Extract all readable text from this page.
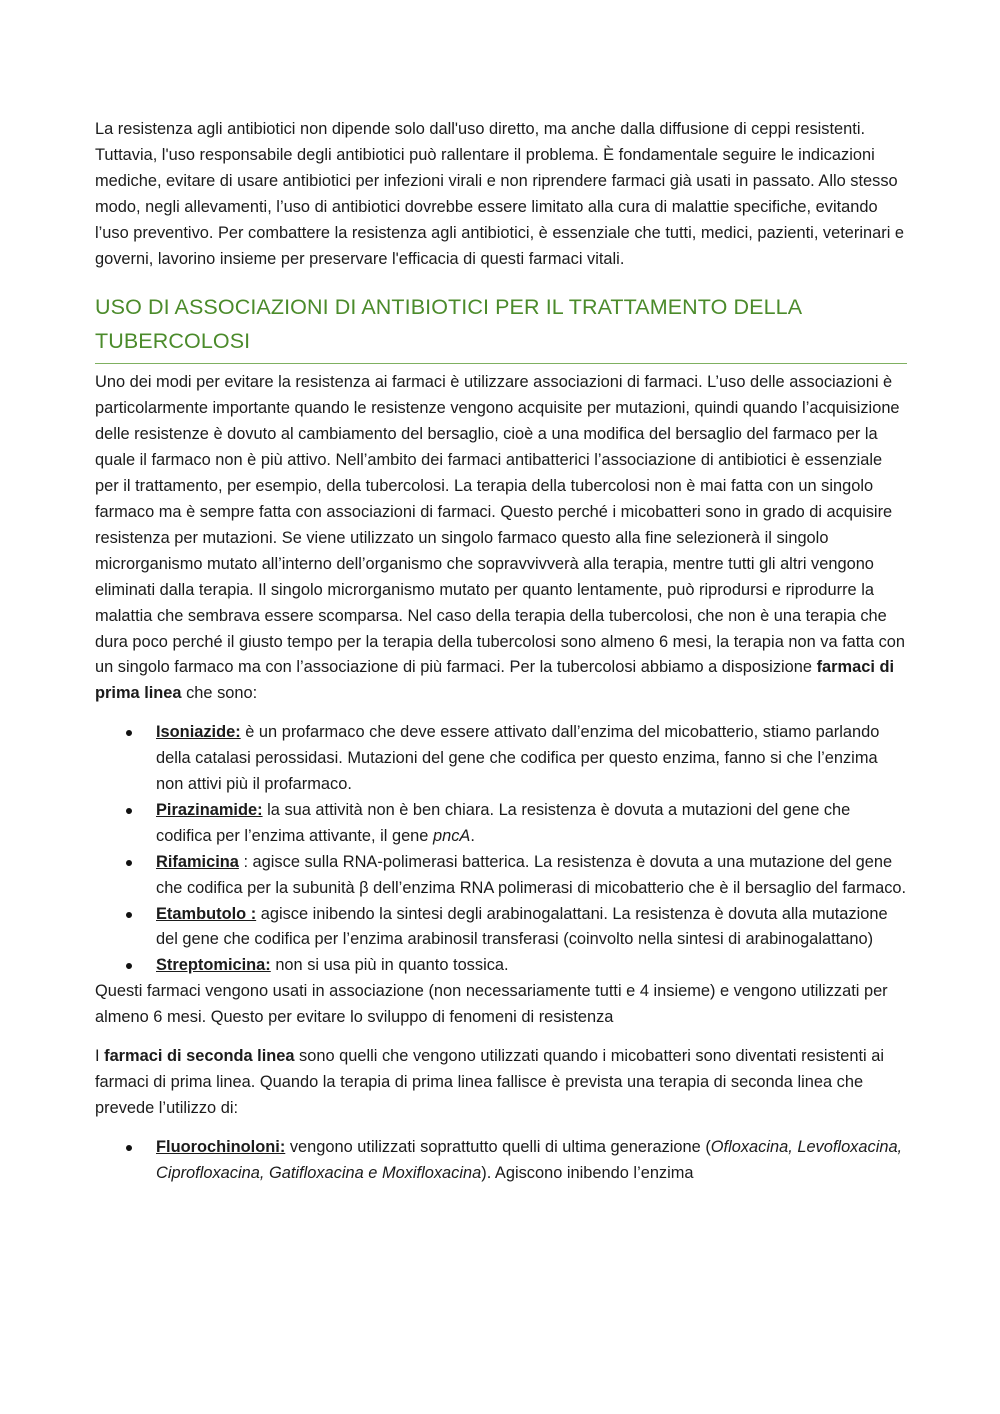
La resistenza agli antibiotici non dipende solo dall'uso diretto, ma anche dalla diffusione di ceppi resistenti. Tuttavia, l'uso responsabile degli antibiotici può rallentare il problema. È fondamentale seguire le indicazioni mediche, evitare di usare antibiotici per infezioni virali e non riprendere farmaci già usati in passato. Allo stesso modo, negli allevamenti, l’uso di antibiotici dovrebbe essere limitato alla cura di malattie specifiche, evitando l’uso preventivo. Per combattere la resistenza agli antibiotici, è essenziale che tutti, medici, pazienti, veterinari e governi, lavorino insieme per preservare l'efficacia di questi farmaci vitali.

USO DI ASSOCIAZIONI DI ANTIBIOTICI PER IL TRATTAMENTO DELLA TUBERCOLOSI

Uno dei modi per evitare la resistenza ai farmaci è utilizzare associazioni di farmaci. L’uso delle associazioni è particolarmente importante quando le resistenze vengono acquisite per mutazioni, quindi quando l’acquisizione delle resistenze è dovuto al cambiamento del bersaglio, cioè a una modifica del bersaglio del farmaco per la quale il farmaco non è più attivo. Nell’ambito dei farmaci antibatterici l’associazione di antibiotici è essenziale per il trattamento, per esempio, della tubercolosi. La terapia della tubercolosi non è mai fatta con un singolo farmaco ma è sempre fatta con associazioni di farmaci. Questo perché i micobatteri sono in grado di acquisire resistenza per mutazioni. Se viene utilizzato un singolo farmaco questo alla fine selezionerà il singolo microrganismo mutato all’interno dell’organismo che sopravvivverà alla terapia, mentre tutti gli altri vengono eliminati dalla terapia. Il singolo microrganismo mutato per quanto lentamente, può riprodursi e riprodurre la malattia che sembrava essere scomparsa. Nel caso della terapia della tubercolosi, che non è una terapia che dura poco perché il giusto tempo per la terapia della tubercolosi sono almeno 6 mesi, la terapia non va fatta con un singolo farmaco ma con l’associazione di più farmaci. Per la tubercolosi abbiamo a disposizione farmaci di prima linea che sono:

Isoniazide: è un profarmaco che deve essere attivato dall’enzima del micobatterio, stiamo parlando della catalasi perossidasi. Mutazioni del gene che codifica per questo enzima, fanno si che l’enzima non attivi più il profarmaco.
Pirazinamide: la sua attività non è ben chiara. La resistenza è dovuta a mutazioni del gene che codifica per l’enzima attivante, il gene pncA.
Rifamicina : agisce sulla RNA-polimerasi batterica. La resistenza è dovuta a una mutazione del gene che codifica per la subunità β dell’enzima RNA polimerasi di micobatterio che è il bersaglio del farmaco.
Etambutolo : agisce inibendo la sintesi degli arabinogalattani. La resistenza è dovuta alla mutazione del gene che codifica per l’enzima arabinosil transferasi (coinvolto nella sintesi di arabinogalattano)
Streptomicina: non si usa più in quanto tossica.

Questi farmaci vengono usati in associazione (non necessariamente tutti e 4 insieme) e vengono utilizzati per almeno 6 mesi. Questo per evitare lo sviluppo di fenomeni di resistenza

I farmaci di seconda linea sono quelli che vengono utilizzati quando i micobatteri sono diventati resistenti ai farmaci di prima linea. Quando la terapia di prima linea fallisce è prevista una terapia di seconda linea che prevede l’utilizzo di:

Fluorochinoloni: vengono utilizzati soprattutto quelli di ultima generazione (Ofloxacina, Levofloxacina, Ciprofloxacina, Gatifloxacina e Moxifloxacina). Agiscono inibendo l’enzima
